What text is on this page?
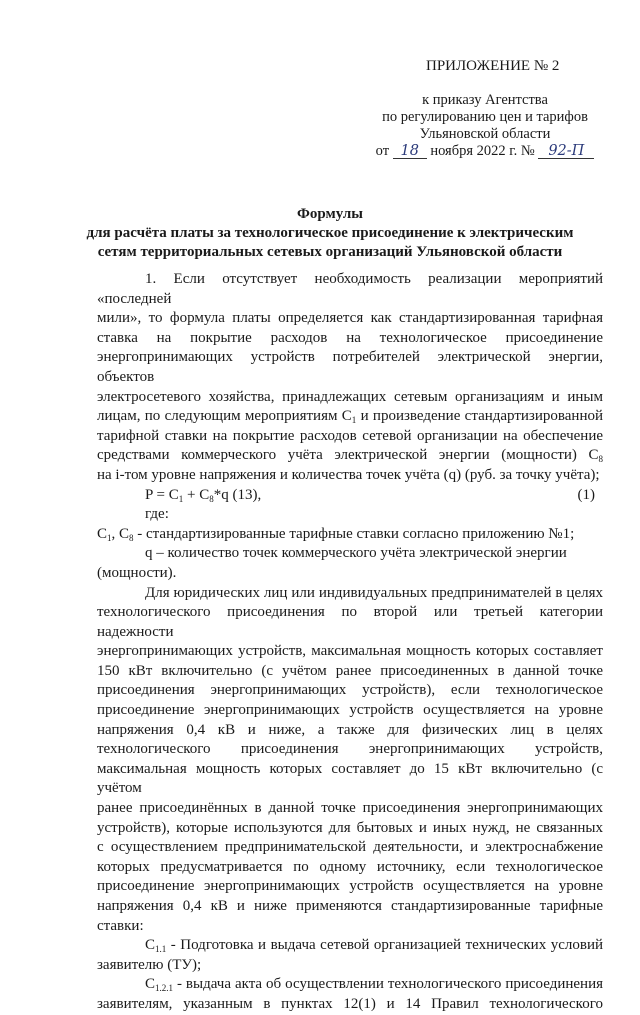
ПРИЛОЖЕНИЕ № 2
к приказу Агентства
по регулированию цен и тарифов
Ульяновской области
от 18 ноября 2022 г. № 92-П
Формулы
для расчёта платы за технологическое присоединение к электрическим
сетям территориальных сетевых организаций Ульяновской области

1. Если отсутствует необходимость реализации мероприятий «последней
мили», то формула платы определяется как стандартизированная тарифная
ставка на покрытие расходов на технологическое присоединение
энергопринимающих устройств потребителей электрической энергии, объектов
электросетевого хозяйства, принадлежащих сетевым организациям и иным
лицам, по следующим мероприятиям $С_1$ и произведение стандартизированной
тарифной ставки на покрытие расходов сетевой организации на обеспечение
средствами коммерческого учёта электрической энергии (мощности) $С_8$
на i-том уровне напряжения и количества точек учёта (q) (руб. за точку учёта);

$P = С_1 + С_8*q$ (13),	(1)
где:
$С_1$, $С_8$ - стандартизированные тарифные ставки согласно приложению №1;
q – количество точек коммерческого учёта электрической энергии
(мощности).

Для юридических лиц или индивидуальных предпринимателей в целях
технологического присоединения по второй или третьей категории надежности
энергопринимающих устройств, максимальная мощность которых составляет
150 кВт включительно (с учётом ранее присоединенных в данной точке
присоединения энергопринимающих устройств), если технологическое
присоединение энергопринимающих устройств осуществляется на уровне
напряжения 0,4 кВ и ниже, а также для физических лиц в целях
технологического присоединения энергопринимающих устройств,
максимальная мощность которых составляет до 15 кВт включительно (с учётом
ранее присоединённых в данной точке присоединения энергопринимающих
устройств), которые используются для бытовых и иных нужд, не связанных
с осуществлением предпринимательской деятельности, и электроснабжение
которых предусматривается по одному источнику, если технологическое
присоединение энергопринимающих устройств осуществляется на уровне
напряжения 0,4 кВ и ниже применяются стандартизированные тарифные
ставки:

$С_{1.1}$ - Подготовка и выдача сетевой организацией технических условий
заявителю (ТУ);

$С_{1.2.1}$ - выдача акта об осуществлении технологического присоединения
заявителям, указанным в пунктах 12(1) и 14 Правил технологического
